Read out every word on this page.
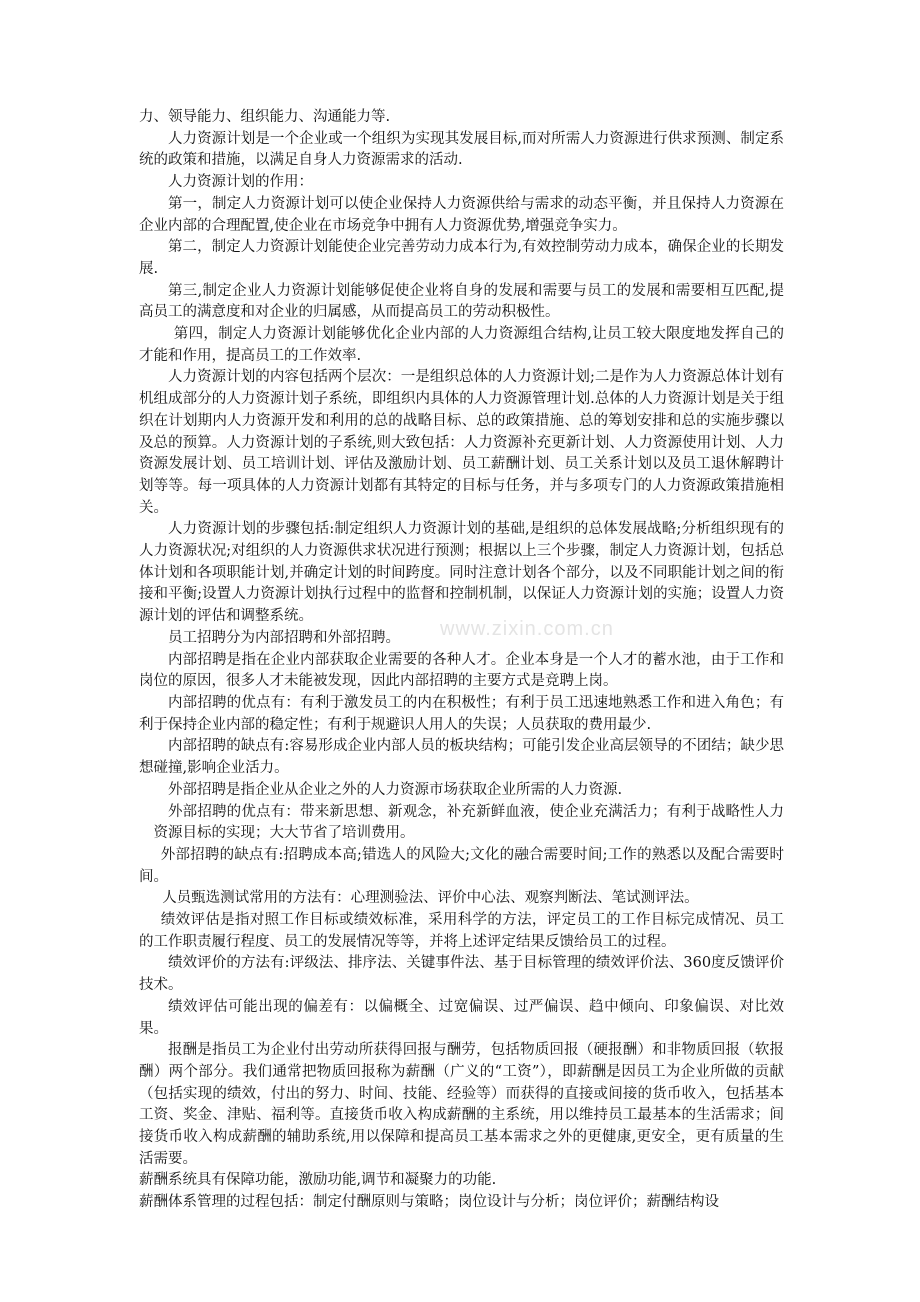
www.zixin.com.cn

力、领导能力、组织能力、沟通能力等.

人力资源计划是一个企业或一个组织为实现其发展目标,而对所需人力资源进行供求预测、制定系统的政策和措施，以满足自身人力资源需求的活动.

人力资源计划的作用：

第一，制定人力资源计划可以使企业保持人力资源供给与需求的动态平衡，并且保持人力资源在企业内部的合理配置,使企业在市场竞争中拥有人力资源优势,增强竞争实力。

第二，制定人力资源计划能使企业完善劳动力成本行为,有效控制劳动力成本，确保企业的长期发展.

第三,制定企业人力资源计划能够促使企业将自身的发展和需要与员工的发展和需要相互匹配,提高员工的满意度和对企业的归属感，从而提高员工的劳动积极性。

第四，制定人力资源计划能够优化企业内部的人力资源组合结构,让员工较大限度地发挥自己的才能和作用，提高员工的工作效率.

人力资源计划的内容包括两个层次：一是组织总体的人力资源计划;二是作为人力资源总体计划有机组成部分的人力资源计划子系统，即组织内具体的人力资源管理计划.总体的人力资源计划是关于组织在计划期内人力资源开发和利用的总的战略目标、总的政策措施、总的筹划安排和总的实施步骤以及总的预算。人力资源计划的子系统,则大致包括：人力资源补充更新计划、人力资源使用计划、人力资源发展计划、员工培训计划、评估及激励计划、员工薪酬计划、员工关系计划以及员工退休解聘计划等等。每一项具体的人力资源计划都有其特定的目标与任务，并与多项专门的人力资源政策措施相关。

人力资源计划的步骤包括:制定组织人力资源计划的基础,是组织的总体发展战略;分析组织现有的人力资源状况;对组织的人力资源供求状况进行预测；根据以上三个步骤，制定人力资源计划，包括总体计划和各项职能计划,并确定计划的时间跨度。同时注意计划各个部分，以及不同职能计划之间的衔接和平衡;设置人力资源计划执行过程中的监督和控制机制，以保证人力资源计划的实施；设置人力资源计划的评估和调整系统。

员工招聘分为内部招聘和外部招聘。

内部招聘是指在企业内部获取企业需要的各种人才。企业本身是一个人才的蓄水池，由于工作和岗位的原因，很多人才未能被发现，因此内部招聘的主要方式是竞聘上岗。

内部招聘的优点有：有利于激发员工的内在积极性；有利于员工迅速地熟悉工作和进入角色；有利于保持企业内部的稳定性；有利于规避识人用人的失误；人员获取的费用最少.

内部招聘的缺点有:容易形成企业内部人员的板块结构；可能引发企业高层领导的不团结；缺少思想碰撞,影响企业活力。

外部招聘是指企业从企业之外的人力资源市场获取企业所需的人力资源.

外部招聘的优点有：带来新思想、新观念，补充新鲜血液，使企业充满活力；有利于战略性人力资源目标的实现；大大节省了培训费用。

外部招聘的缺点有:招聘成本高;错选人的风险大;文化的融合需要时间;工作的熟悉以及配合需要时间。

人员甄选测试常用的方法有：心理测验法、评价中心法、观察判断法、笔试测评法。

绩效评估是指对照工作目标或绩效标准，采用科学的方法，评定员工的工作目标完成情况、员工的工作职责履行程度、员工的发展情况等等，并将上述评定结果反馈给员工的过程。

绩效评价的方法有:评级法、排序法、关键事件法、基于目标管理的绩效评价法、360度反馈评价技术。

绩效评估可能出现的偏差有：以偏概全、过宽偏误、过严偏误、趋中倾向、印象偏误、对比效果。

报酬是指员工为企业付出劳动所获得回报与酬劳，包括物质回报（硬报酬）和非物质回报（软报酬）两个部分。我们通常把物质回报称为薪酬（广义的“工资”），即薪酬是因员工为企业所做的贡献（包括实现的绩效，付出的努力、时间、技能、经验等）而获得的直接或间接的货币收入，包括基本工资、奖金、津贴、福利等。直接货币收入构成薪酬的主系统，用以维持员工最基本的生活需求；间接货币收入构成薪酬的辅助系统,用以保障和提高员工基本需求之外的更健康,更安全，更有质量的生活需要。

薪酬系统具有保障功能，激励功能,调节和凝聚力的功能.

薪酬体系管理的过程包括：制定付酬原则与策略；岗位设计与分析；岗位评价；薪酬结构设
